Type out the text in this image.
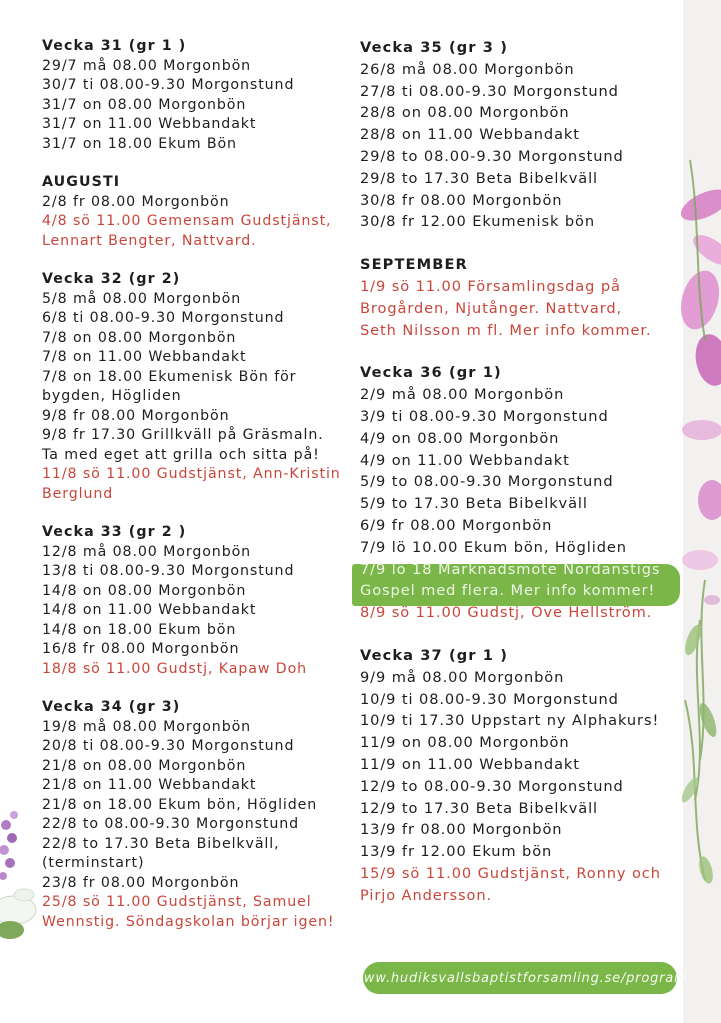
Vecka 31 (gr 1 )
29/7 må 08.00 Morgonbön
30/7 ti 08.00-9.30 Morgonstund
31/7 on 08.00 Morgonbön
31/7 on 11.00 Webbandakt
31/7 on 18.00 Ekum Bön
AUGUSTI
2/8 fr 08.00 Morgonbön
4/8 sö 11.00 Gemensam Gudstjänst,
Lennart Bengter, Nattvard.
Vecka 32 (gr 2)
5/8 må 08.00 Morgonbön
6/8 ti 08.00-9.30 Morgonstund
7/8 on 08.00 Morgonbön
7/8 on 11.00 Webbandakt
7/8 on 18.00 Ekumenisk Bön för
bygden, Högliden
9/8 fr 08.00 Morgonbön
9/8 fr 17.30 Grillkväll på Gräsmaln.
Ta med eget att grilla och sitta på!
11/8 sö 11.00 Gudstjänst, Ann-Kristin
Berglund
Vecka 33 (gr 2 )
12/8 må 08.00 Morgonbön
13/8 ti 08.00-9.30 Morgonstund
14/8 on 08.00 Morgonbön
14/8 on 11.00 Webbandakt
14/8 on 18.00 Ekum bön
16/8 fr 08.00 Morgonbön
18/8 sö 11.00 Gudstj, Kapaw Doh
Vecka 34 (gr 3)
19/8 må 08.00 Morgonbön
20/8 ti 08.00-9.30 Morgonstund
21/8 on 08.00 Morgonbön
21/8 on 11.00 Webbandakt
21/8 on 18.00 Ekum bön, Högliden
22/8 to 08.00-9.30 Morgonstund
22/8 to 17.30 Beta Bibelkväll,
(terminstart)
23/8 fr 08.00 Morgonbön
25/8 sö 11.00 Gudstjänst, Samuel
Wennstig. Söndagskolan börjar igen!
Vecka 35 (gr 3 )
26/8 må 08.00 Morgonbön
27/8 ti 08.00-9.30 Morgonstund
28/8 on 08.00 Morgonbön
28/8 on 11.00 Webbandakt
29/8 to 08.00-9.30 Morgonstund
29/8 to 17.30 Beta Bibelkväll
30/8 fr 08.00 Morgonbön
30/8 fr 12.00 Ekumenisk bön
SEPTEMBER
1/9 sö 11.00 Församlingsdag på
Brogården, Njutånger. Nattvard,
Seth Nilsson m fl. Mer info kommer.
Vecka 36 (gr 1)
2/9 må 08.00 Morgonbön
3/9 ti 08.00-9.30 Morgonstund
4/9 on 08.00 Morgonbön
4/9 on 11.00 Webbandakt
5/9 to 08.00-9.30 Morgonstund
5/9 to 17.30 Beta Bibelkväll
6/9 fr 08.00 Morgonbön
7/9 lö 10.00 Ekum bön, Högliden
7/9 lö 18 Marknadsmöte Nordanstigs
Gospel med flera. Mer info kommer!
8/9 sö 11.00 Gudstj, Ove Hellström.
Vecka 37 (gr 1 )
9/9 må 08.00 Morgonbön
10/9 ti 08.00-9.30 Morgonstund
10/9 ti 17.30 Uppstart ny Alphakurs!
11/9 on 08.00 Morgonbön
11/9 on 11.00 Webbandakt
12/9 to 08.00-9.30 Morgonstund
12/9 to 17.30 Beta Bibelkväll
13/9 fr 08.00 Morgonbön
13/9 fr 12.00 Ekum bön
15/9 sö 11.00 Gudstjänst, Ronny och
Pirjo Andersson.
www.hudiksvallsbaptistforsamling.se/program
